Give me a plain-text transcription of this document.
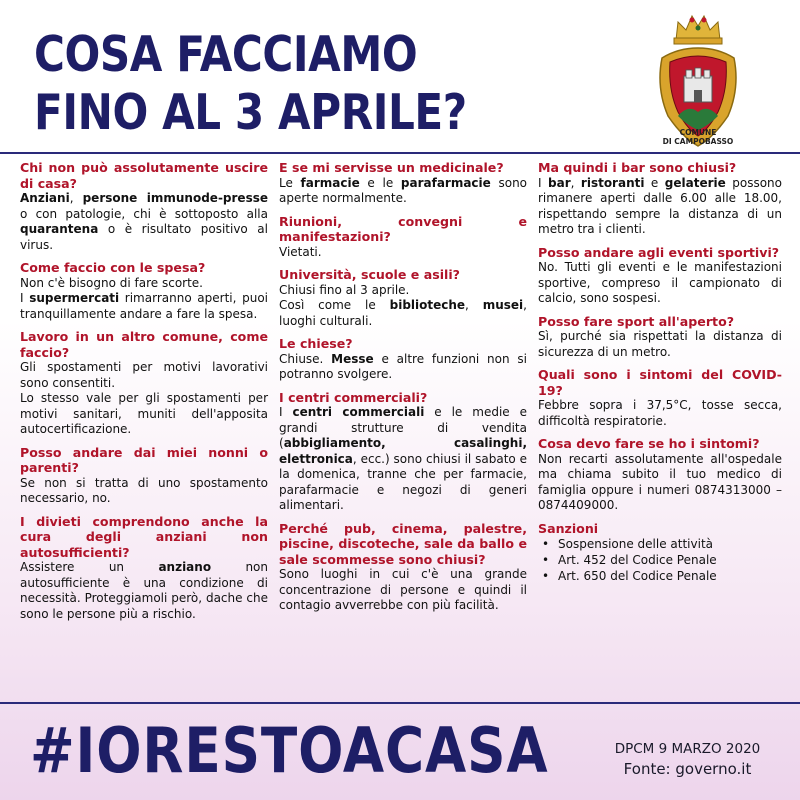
COSA FACCIAMO
FINO AL 3 APRILE?	COMUNE
DI CAMPOBASSO
Chi non può assolutamente uscire di casa?
Anziani, persone immunode-presse o con patologie, chi è sottoposto alla quarantena o è risultato positivo al virus.
Come faccio con le spesa?
Non c'è bisogno di fare scorte.
I supermercati rimarranno aperti, puoi tranquillamente andare a fare la spesa.
Lavoro in un altro comune, come faccio?
Gli spostamenti per motivi lavorativi sono consentiti.
Lo stesso vale per gli spostamenti per motivi sanitari, muniti dell'apposita autocertificazione.
Posso andare dai miei nonni o parenti?
Se non si tratta di uno spostamento necessario, no.
I divieti comprendono anche la cura degli anziani non autosufficienti?
Assistere un anziano non autosufficiente è una condizione di necessità. Proteggiamoli però, dache che sono le persone più a rischio.
E se mi servisse un medicinale?
Le farmacie e le parafarmacie sono aperte normalmente.
Riunioni, convegni e manifestazioni?
Vietati.
Università, scuole e asili?
Chiusi fino al 3 aprile.
Così come le biblioteche, musei, luoghi culturali.
Le chiese?
Chiuse. Messe e altre funzioni non si potranno svolgere.
I centri commerciali?
I centri commerciali e le medie e grandi strutture di vendita (abbigliamento, casalinghi, elettronica, ecc.) sono chiusi il sabato e la domenica, tranne che per farmacie, parafarmacie e negozi di generi alimentari.
Perché pub, cinema, palestre, piscine, discoteche, sale da ballo e sale scommesse sono chiusi?
Sono luoghi in cui c'è una grande concentrazione di persone e quindi il contagio avverrebbe con più facilità.
Ma quindi i bar sono chiusi?
I bar, ristoranti e gelaterie possono rimanere aperti dalle 6.00 alle 18.00, rispettando sempre la distanza di un metro tra i clienti.
Posso andare agli eventi sportivi?
No. Tutti gli eventi e le manifestazioni sportive, compreso il campionato di calcio, sono sospesi.
Posso fare sport all'aperto?
Sì, purché sia rispettati la distanza di sicurezza di un metro.
Quali sono i sintomi del COVID-19?
Febbre sopra i 37,5°C, tosse secca, difficoltà respiratorie.
Cosa devo fare se ho i sintomi?
Non recarti assolutamente all'ospedale ma chiama subito il tuo medico di famiglia oppure i numeri 0874313000 – 0874409000.
Sanzioni
• Sospensione delle attività
• Art. 452 del Codice Penale
• Art. 650 del Codice Penale
#IORESTOACASA	DPCM 9 MARZO 2020
Fonte: governo.it
